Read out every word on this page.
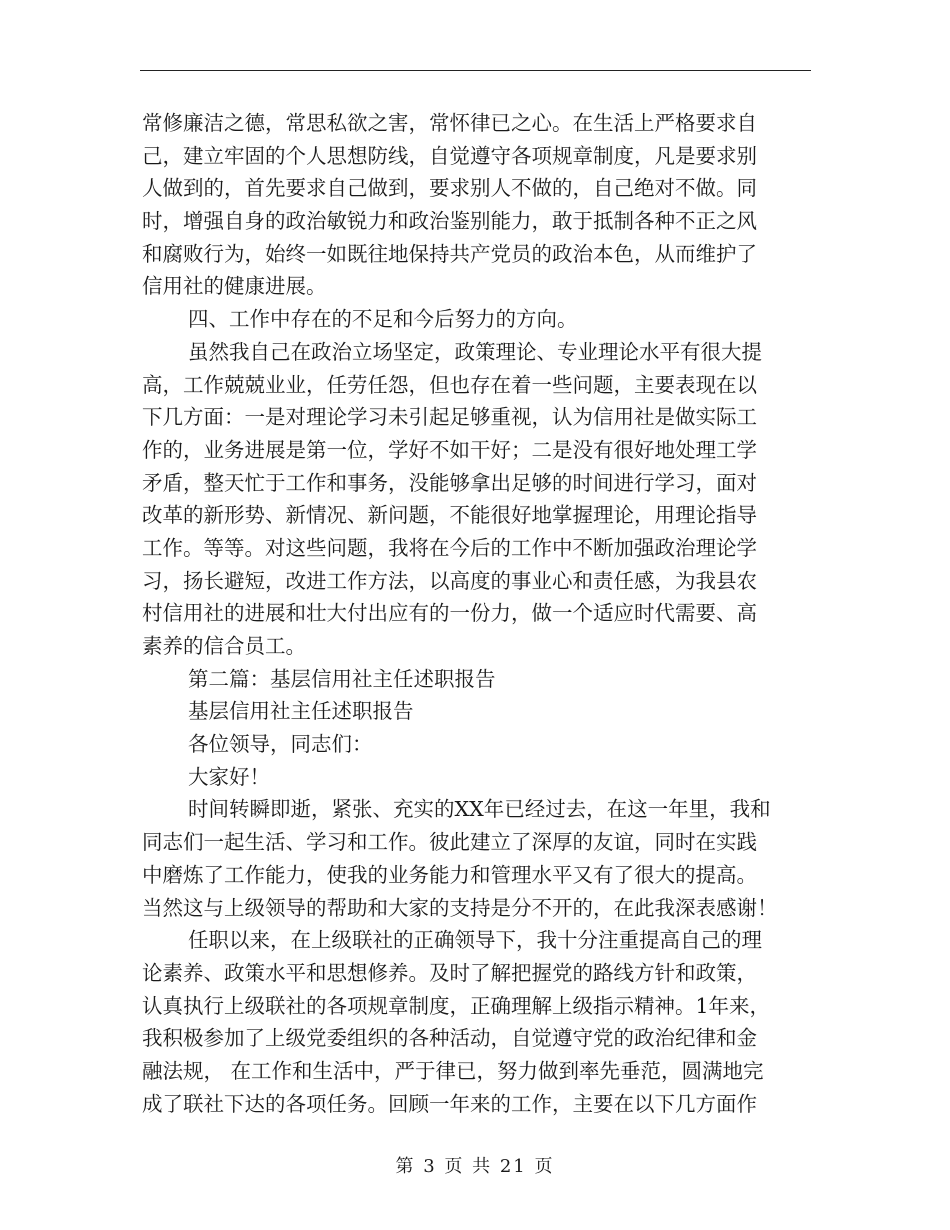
常修廉洁之德，常思私欲之害，常怀律已之心。在生活上严格要求自
己，建立牢固的个人思想防线，自觉遵守各项规章制度，凡是要求别
人做到的，首先要求自己做到，要求别人不做的，自己绝对不做。同
时，增强自身的政治敏锐力和政治鉴别能力，敢于抵制各种不正之风
和腐败行为，始终一如既往地保持共产党员的政治本色，从而维护了
信用社的健康进展。
四、工作中存在的不足和今后努力的方向。
虽然我自己在政治立场坚定，政策理论、专业理论水平有很大提
高，工作兢兢业业，任劳任怨，但也存在着一些问题，主要表现在以
下几方面：一是对理论学习未引起足够重视，认为信用社是做实际工
作的，业务进展是第一位，学好不如干好；二是没有很好地处理工学
矛盾，整天忙于工作和事务，没能够拿出足够的时间进行学习，面对
改革的新形势、新情况、新问题，不能很好地掌握理论，用理论指导
工作。等等。对这些问题，我将在今后的工作中不断加强政治理论学
习，扬长避短，改进工作方法，以高度的事业心和责任感，为我县农
村信用社的进展和壮大付出应有的一份力，做一个适应时代需要、高
素养的信合员工。
第二篇：基层信用社主任述职报告
基层信用社主任述职报告
各位领导，同志们：
大家好！
时间转瞬即逝，紧张、充实的XX年已经过去，在这一年里，我和
同志们一起生活、学习和工作。彼此建立了深厚的友谊，同时在实践
中磨炼了工作能力，使我的业务能力和管理水平又有了很大的提高。
当然这与上级领导的帮助和大家的支持是分不开的，在此我深表感谢！
任职以来，在上级联社的正确领导下，我十分注重提高自己的理
论素养、政策水平和思想修养。及时了解把握党的路线方针和政策，
认真执行上级联社的各项规章制度，正确理解上级指示精神。1年来，
我积极参加了上级党委组织的各种活动，自觉遵守党的政治纪律和金
融法规， 在工作和生活中，严于律已，努力做到率先垂范，圆满地完
成了联社下达的各项任务。回顾一年来的工作，主要在以下几方面作
第 3 页 共 21 页
